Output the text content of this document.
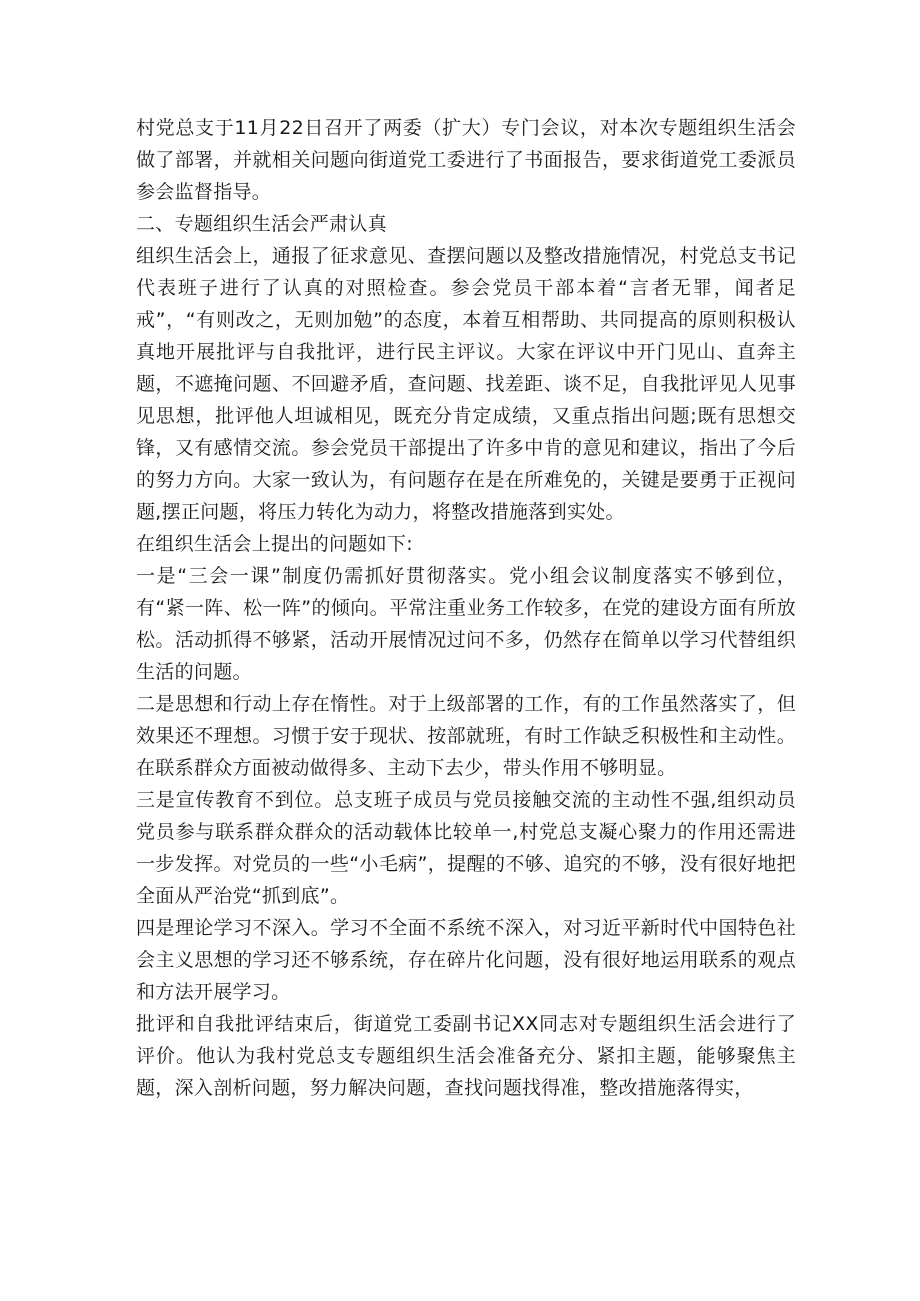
村党总支于11月22日召开了两委（扩大）专门会议，对本次专题组织生活会做了部署，并就相关问题向街道党工委进行了书面报告，要求街道党工委派员参会监督指导。

二、专题组织生活会严肃认真

组织生活会上，通报了征求意见、查摆问题以及整改措施情况，村党总支书记代表班子进行了认真的对照检查。参会党员干部本着“言者无罪，闻者足戒”，“有则改之，无则加勉”的态度，本着互相帮助、共同提高的原则积极认真地开展批评与自我批评，进行民主评议。大家在评议中开门见山、直奔主题，不遮掩问题、不回避矛盾，查问题、找差距、谈不足，自我批评见人见事见思想，批评他人坦诚相见，既充分肯定成绩，又重点指出问题;既有思想交锋，又有感情交流。参会党员干部提出了许多中肯的意见和建议，指出了今后的努力方向。大家一致认为，有问题存在是在所难免的，关键是要勇于正视问题,摆正问题，将压力转化为动力，将整改措施落到实处。

在组织生活会上提出的问题如下:

一是“三会一课”制度仍需抓好贯彻落实。党小组会议制度落实不够到位，有“紧一阵、松一阵”的倾向。平常注重业务工作较多，在党的建设方面有所放松。活动抓得不够紧，活动开展情况过问不多，仍然存在简单以学习代替组织生活的问题。

二是思想和行动上存在惰性。对于上级部署的工作，有的工作虽然落实了，但效果还不理想。习惯于安于现状、按部就班，有时工作缺乏积极性和主动性。在联系群众方面被动做得多、主动下去少，带头作用不够明显。

三是宣传教育不到位。总支班子成员与党员接触交流的主动性不强,组织动员党员参与联系群众群众的活动载体比较单一,村党总支凝心聚力的作用还需进一步发挥。对党员的一些“小毛病”，提醒的不够、追究的不够，没有很好地把全面从严治党“抓到底”。

四是理论学习不深入。学习不全面不系统不深入，对习近平新时代中国特色社会主义思想的学习还不够系统，存在碎片化问题，没有很好地运用联系的观点和方法开展学习。

批评和自我批评结束后，街道党工委副书记XX同志对专题组织生活会进行了评价。他认为我村党总支专题组织生活会准备充分、紧扣主题，能够聚焦主题，深入剖析问题，努力解决问题，查找问题找得准，整改措施落得实，
